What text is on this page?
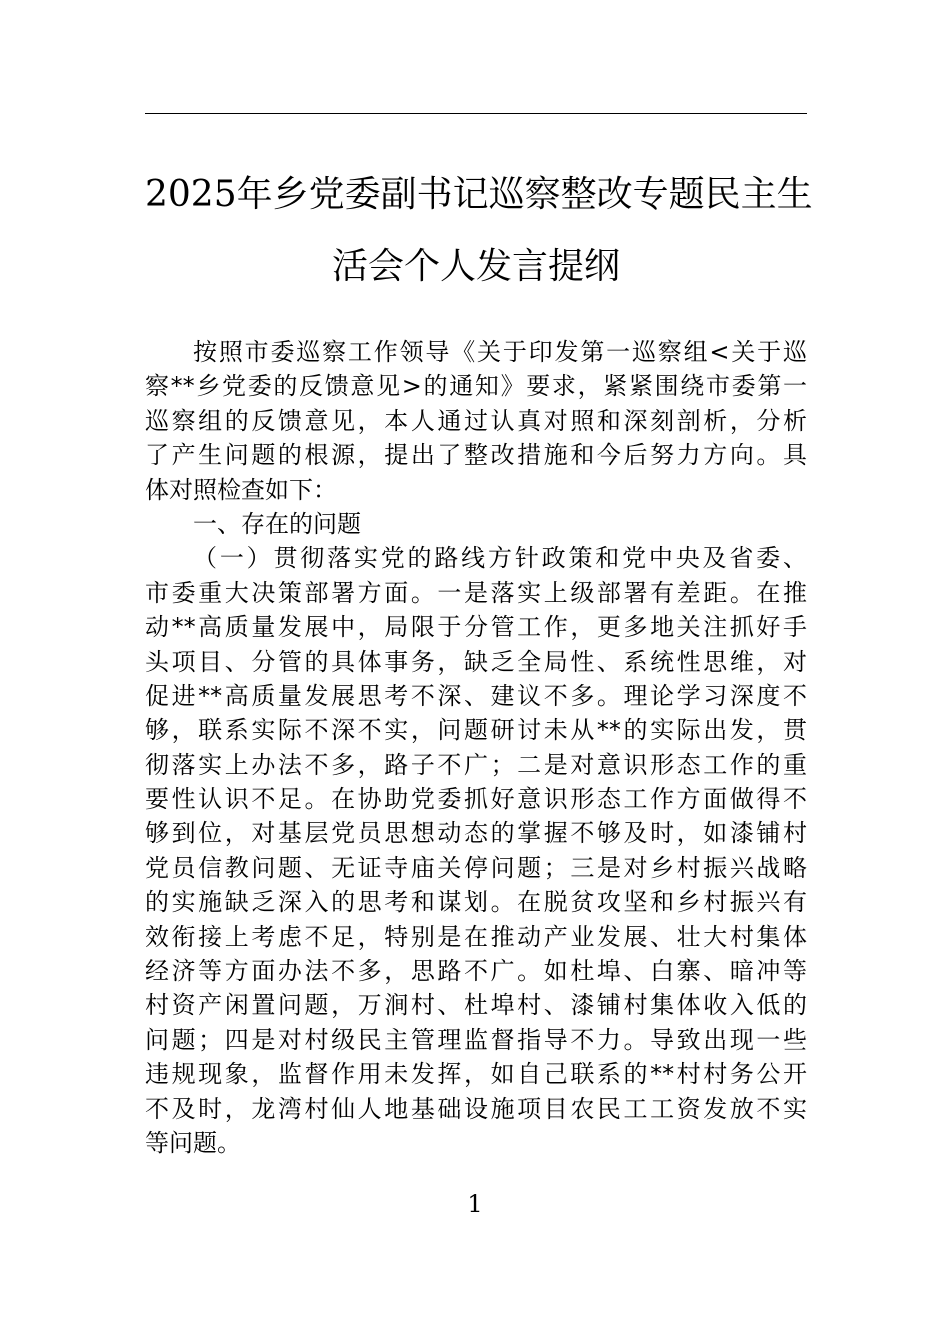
2025年乡党委副书记巡察整改专题民主生
活会个人发言提纲
按照市委巡察工作领导《关于印发第一巡察组<关于巡
察**乡党委的反馈意见>的通知》要求，紧紧围绕市委第一
巡察组的反馈意见，本人通过认真对照和深刻剖析，分析
了产生问题的根源，提出了整改措施和今后努力方向。具
体对照检查如下：
一、存在的问题
（一）贯彻落实党的路线方针政策和党中央及省委、
市委重大决策部署方面。一是落实上级部署有差距。在推
动**高质量发展中，局限于分管工作，更多地关注抓好手
头项目、分管的具体事务，缺乏全局性、系统性思维，对
促进**高质量发展思考不深、建议不多。理论学习深度不
够，联系实际不深不实，问题研讨未从**的实际出发，贯
彻落实上办法不多，路子不广；二是对意识形态工作的重
要性认识不足。在协助党委抓好意识形态工作方面做得不
够到位，对基层党员思想动态的掌握不够及时，如漆铺村
党员信教问题、无证寺庙关停问题；三是对乡村振兴战略
的实施缺乏深入的思考和谋划。在脱贫攻坚和乡村振兴有
效衔接上考虑不足，特别是在推动产业发展、壮大村集体
经济等方面办法不多，思路不广。如杜埠、白寨、暗冲等
村资产闲置问题，万涧村、杜埠村、漆铺村集体收入低的
问题；四是对村级民主管理监督指导不力。导致出现一些
违规现象，监督作用未发挥，如自己联系的**村村务公开
不及时，龙湾村仙人地基础设施项目农民工工资发放不实
等问题。
1
